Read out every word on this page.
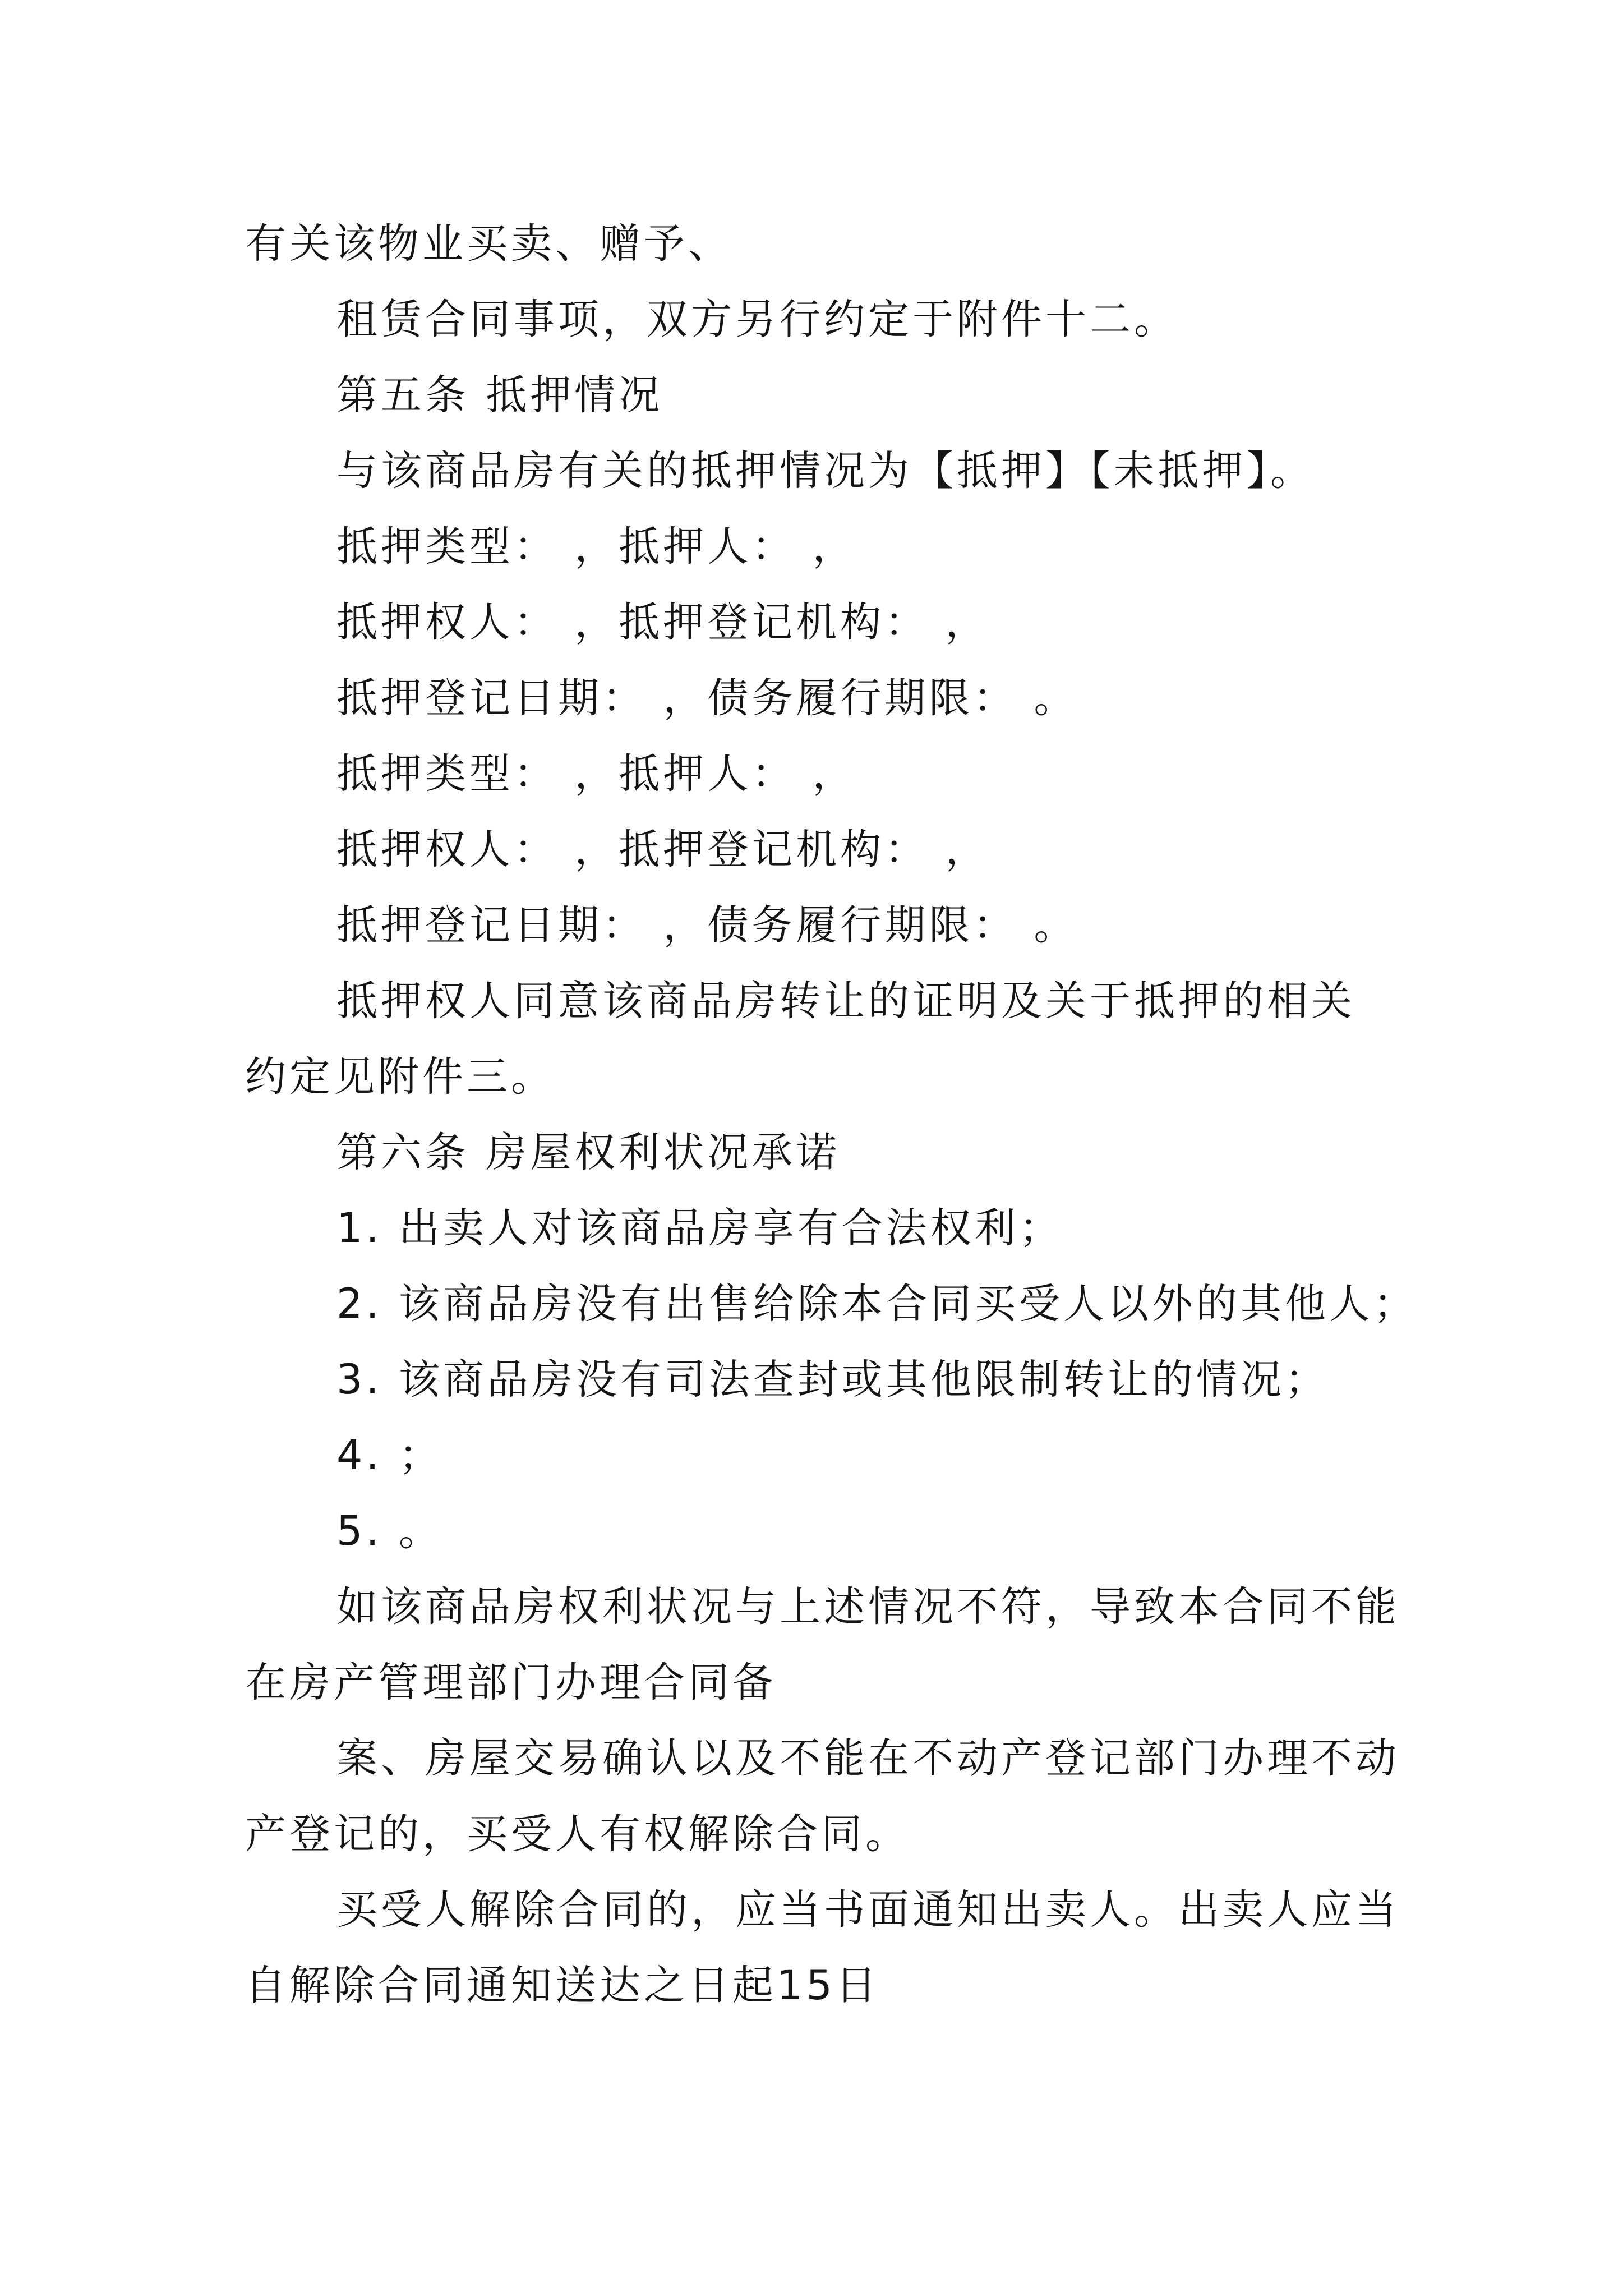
有关该物业买卖、赠予、
租赁合同事项，双方另行约定于附件十二。
第五条 抵押情况
与该商品房有关的抵押情况为【抵押】【未抵押】。
抵押类型： ，抵押人： ，
抵押权人： ，抵押登记机构： ，
抵押登记日期： ，债务履行期限： 。
抵押类型： ，抵押人： ，
抵押权人： ，抵押登记机构： ，
抵押登记日期： ，债务履行期限： 。
抵押权人同意该商品房转让的证明及关于抵押的相关
约定见附件三。
第六条 房屋权利状况承诺
1. 出卖人对该商品房享有合法权利；
2. 该商品房没有出售给除本合同买受人以外的其他人；
3. 该商品房没有司法查封或其他限制转让的情况；
4. ；
5. 。
如该商品房权利状况与上述情况不符，导致本合同不能
在房产管理部门办理合同备
案、房屋交易确认以及不能在不动产登记部门办理不动
产登记的，买受人有权解除合同。
买受人解除合同的，应当书面通知出卖人。出卖人应当
自解除合同通知送达之日起15日
